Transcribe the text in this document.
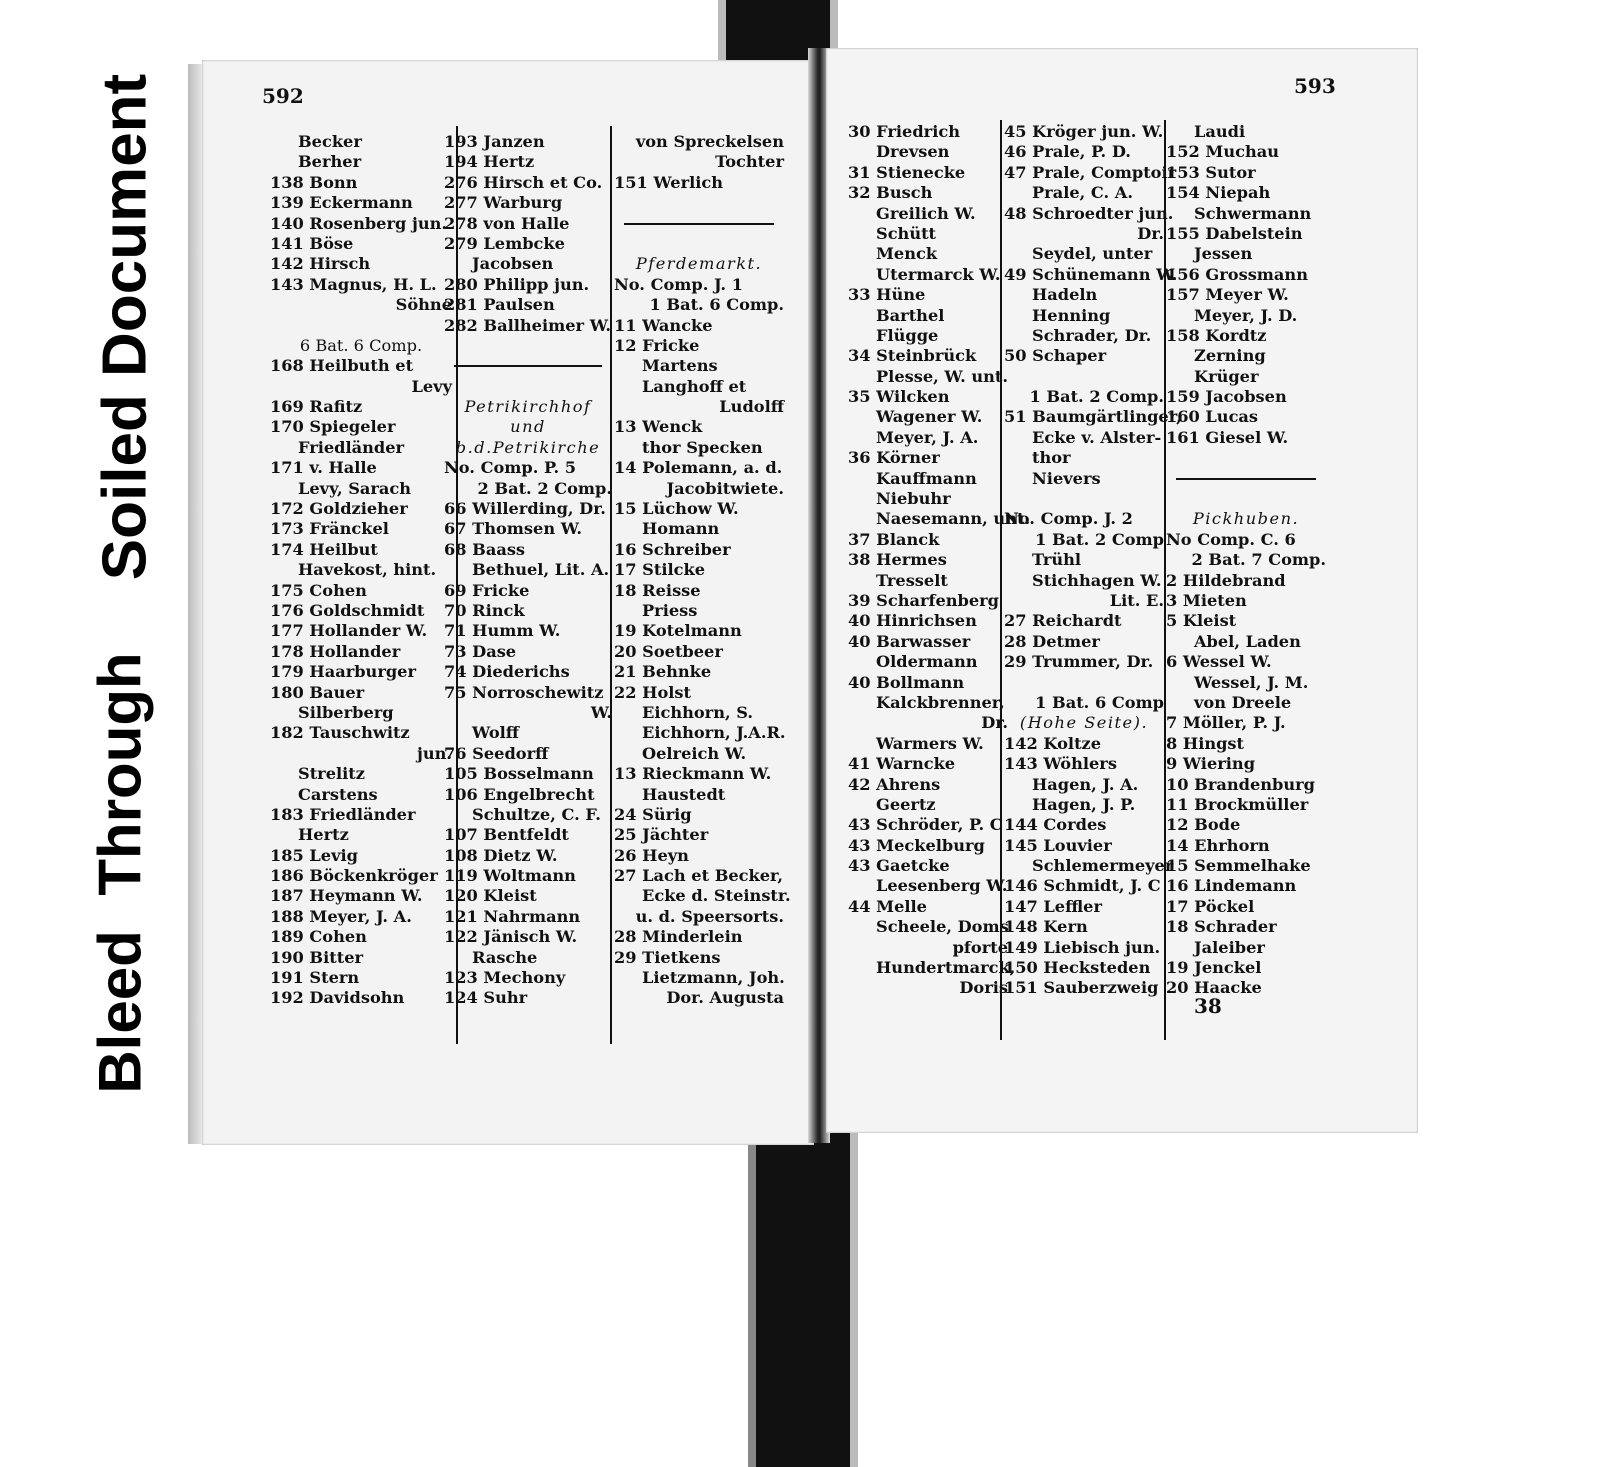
Soiled Document
Bleed Through
592
Becker
Berher
138 Bonn
139 Eckermann
140 Rosenberg jun.
141 Böse
142 Hirsch
143 Magnus, H. L.
Söhne
6 Bat. 6 Comp.
168 Heilbuth et
Levy
169 Rafitz
170 Spiegeler
Friedländer
171 v. Halle
Levy, Sarach
172 Goldzieher
173 Fränckel
174 Heilbut
Havekost, hint.
175 Cohen
176 Goldschmidt
177 Hollander W.
178 Hollander
179 Haarburger
180 Bauer
Silberberg
182 Tauschwitz
jun.
Strelitz
Carstens
183 Friedländer
Hertz
185 Levig
186 Böckenkröger
187 Heymann W.
188 Meyer, J. A.
189 Cohen
190 Bitter
191 Stern
192 Davidsohn
193 Janzen
194 Hertz
276 Hirsch et Co.
277 Warburg
278 von Halle
279 Lembcke
Jacobsen
280 Philipp jun.
281 Paulsen
282 Ballheimer W.
Petrikirchhof
und
b.d.Petrikirche
No. Comp. P. 5
2 Bat. 2 Comp.
66 Willerding, Dr.
67 Thomsen W.
68 Baass
Bethuel, Lit. A.
69 Fricke
70 Rinck
71 Humm W.
73 Dase
74 Diederichs
75 Norroschewitz
W.
Wolff
76 Seedorff
105 Bosselmann
106 Engelbrecht
Schultze, C. F.
107 Bentfeldt
108 Dietz W.
119 Woltmann
120 Kleist
121 Nahrmann
122 Jänisch W.
Rasche
123 Mechony
124 Suhr
von Spreckelsen
Tochter
151 Werlich
Pferdemarkt.
No. Comp. J. 1
1 Bat. 6 Comp.
11 Wancke
12 Fricke
Martens
Langhoff et
Ludolff
13 Wenck
thor Specken
14 Polemann, a. d.
Jacobitwiete.
15 Lüchow W.
Homann
16 Schreiber
17 Stilcke
18 Reisse
Priess
19 Kotelmann
20 Soetbeer
21 Behnke
22 Holst
Eichhorn, S.
Eichhorn, J.A.R.
Oelreich W.
13 Rieckmann W.
Haustedt
24 Sürig
25 Jächter
26 Heyn
27 Lach et Becker,
Ecke d. Steinstr.
u. d. Speersorts.
28 Minderlein
29 Tietkens
Lietzmann, Joh.
Dor. Augusta
593
30 Friedrich
Drevsen
31 Stienecke
32 Busch
Greilich W.
Schütt
Menck
Utermarck W.
33 Hüne
Barthel
Flügge
34 Steinbrück
Plesse, W. unt.
35 Wilcken
Wagener W.
Meyer, J. A.
36 Körner
Kauffmann
Niebuhr
Naesemann, unt.
37 Blanck
38 Hermes
Tresselt
39 Scharfenberg
40 Hinrichsen
40 Barwasser
Oldermann
40 Bollmann
Kalckbrenner,
Dr.
Warmers W.
41 Warncke
42 Ahrens
Geertz
43 Schröder, P. C
43 Meckelburg
43 Gaetcke
Leesenberg W.
44 Melle
Scheele, Doms
pforte
Hundertmarck,
Doris
45 Kröger jun. W.
46 Prale, P. D.
47 Prale, Comptoir
Prale, C. A.
48 Schroedter jun.
Dr.
Seydel, unter
49 Schünemann W.
Hadeln
Henning
Schrader, Dr.
50 Schaper
1 Bat. 2 Comp.
51 Baumgärtlinger,
Ecke v. Alster-
thor
Nievers
No. Comp. J. 2
1 Bat. 2 Comp
Trühl
Stichhagen W.
Lit. E.
27 Reichardt
28 Detmer
29 Trummer, Dr.
1 Bat. 6 Comp
(Hohe Seite).
142 Koltze
143 Wöhlers
Hagen, J. A.
Hagen, J. P.
144 Cordes
145 Louvier
Schlemermeyer
146 Schmidt, J. C
147 Leffler
148 Kern
149 Liebisch jun.
150 Hecksteden
151 Sauberzweig
Laudi
152 Muchau
153 Sutor
154 Niepah
Schwermann
155 Dabelstein
Jessen
156 Grossmann
157 Meyer W.
Meyer, J. D.
158 Kordtz
Zerning
Krüger
159 Jacobsen
160 Lucas
161 Giesel W.
Pickhuben.
No Comp. C. 6
2 Bat. 7 Comp.
2 Hildebrand
3 Mieten
5 Kleist
Abel, Laden
6 Wessel W.
Wessel, J. M.
von Dreele
7 Möller, P. J.
8 Hingst
9 Wiering
10 Brandenburg
11 Brockmüller
12 Bode
14 Ehrhorn
15 Semmelhake
16 Lindemann
17 Pöckel
18 Schrader
Jaleiber
19 Jenckel
20 Haacke
38
